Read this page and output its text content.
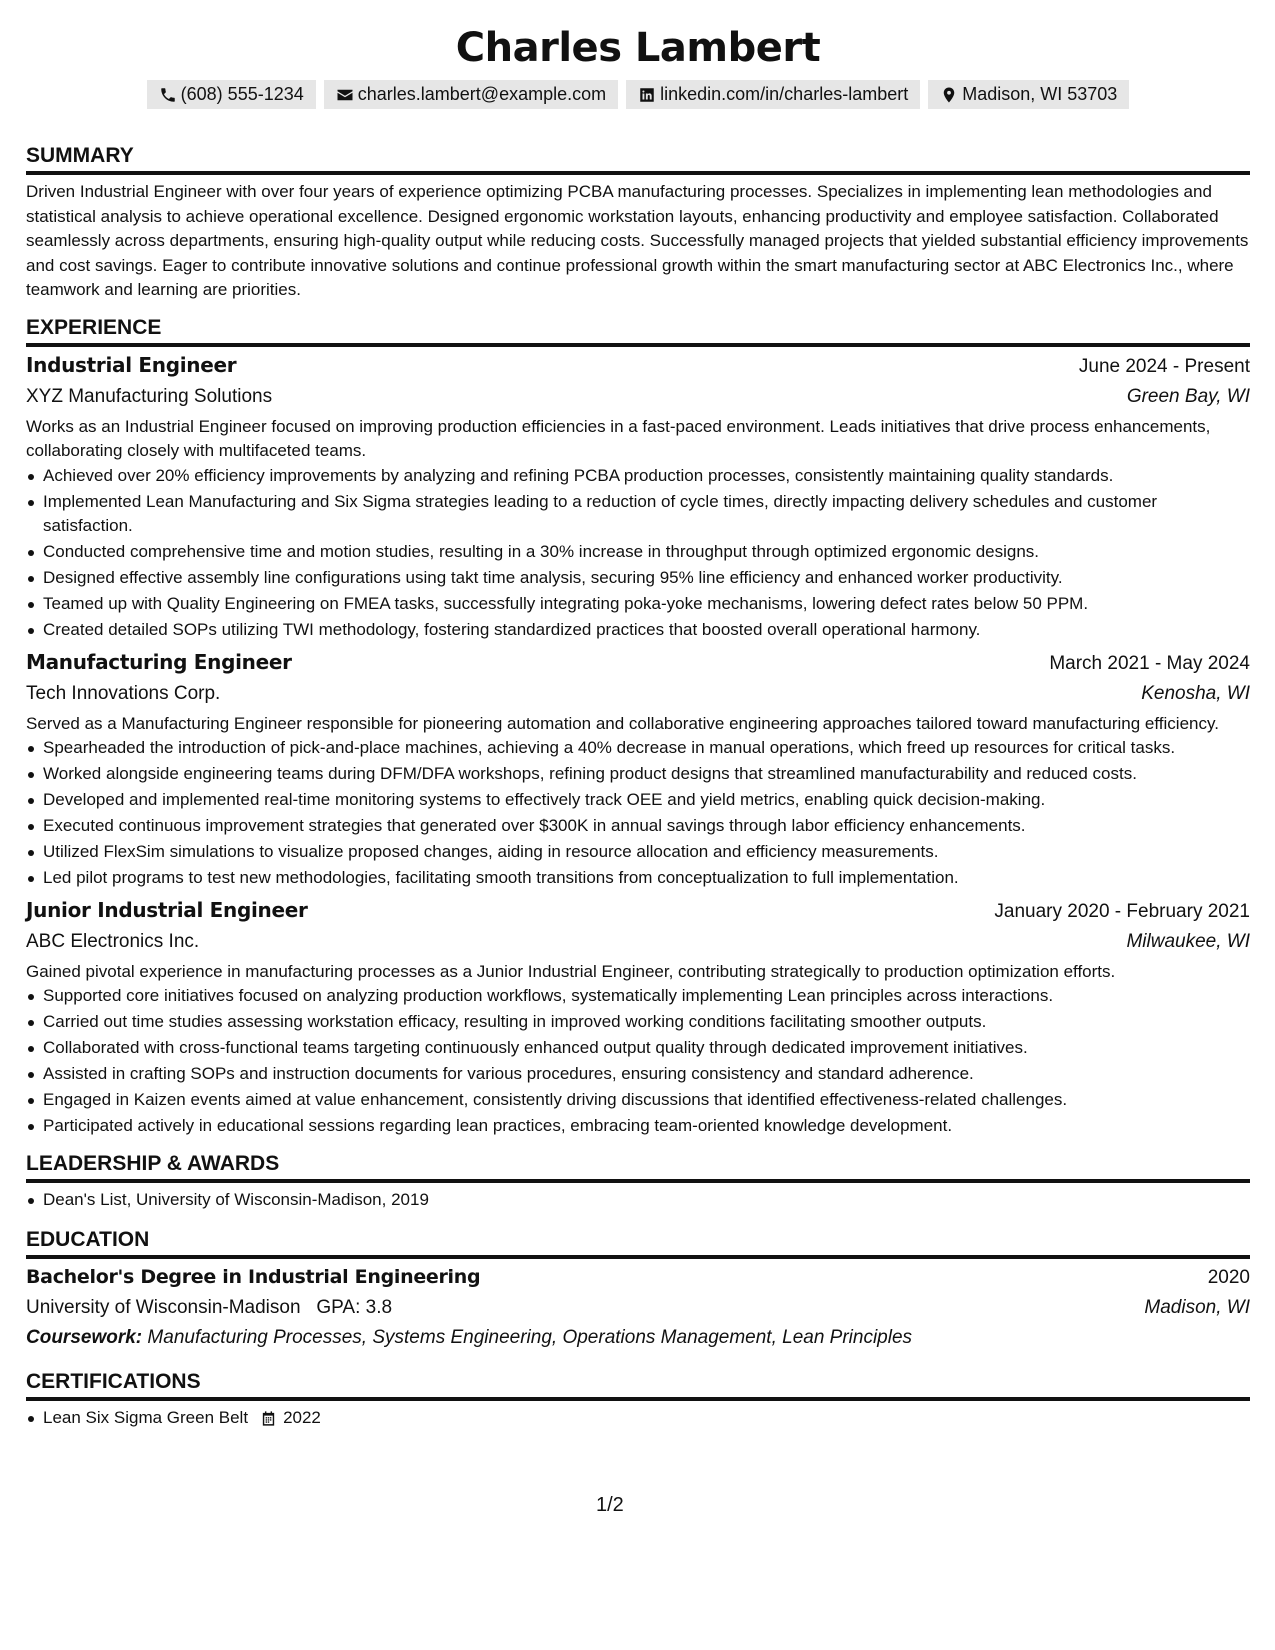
Charles Lambert
(608) 555-1234	charles.lambert@example.com	linkedin.com/in/charles-lambert	Madison, WI 53703
SUMMARY

Driven Industrial Engineer with over four years of experience optimizing PCBA manufacturing processes. Specializes in implementing lean methodologies and statistical analysis to achieve operational excellence. Designed ergonomic workstation layouts, enhancing productivity and employee satisfaction. Collaborated seamlessly across departments, ensuring high-quality output while reducing costs. Successfully managed projects that yielded substantial efficiency improvements and cost savings. Eager to contribute innovative solutions and continue professional growth within the smart manufacturing sector at ABC Electronics Inc., where teamwork and learning are priorities.

EXPERIENCE
Industrial Engineer	June 2024 - Present
XYZ Manufacturing Solutions	Green Bay, WI

Works as an Industrial Engineer focused on improving production efficiencies in a fast-paced environment. Leads initiatives that drive process enhancements, collaborating closely with multifaceted teams.

Achieved over 20% efficiency improvements by analyzing and refining PCBA production processes, consistently maintaining quality standards.
Implemented Lean Manufacturing and Six Sigma strategies leading to a reduction of cycle times, directly impacting delivery schedules and customer satisfaction.
Conducted comprehensive time and motion studies, resulting in a 30% increase in throughput through optimized ergonomic designs.
Designed effective assembly line configurations using takt time analysis, securing 95% line efficiency and enhanced worker productivity.
Teamed up with Quality Engineering on FMEA tasks, successfully integrating poka-yoke mechanisms, lowering defect rates below 50 PPM.
Created detailed SOPs utilizing TWI methodology, fostering standardized practices that boosted overall operational harmony.
Manufacturing Engineer	March 2021 - May 2024
Tech Innovations Corp.	Kenosha, WI

Served as a Manufacturing Engineer responsible for pioneering automation and collaborative engineering approaches tailored toward manufacturing efficiency.

Spearheaded the introduction of pick-and-place machines, achieving a 40% decrease in manual operations, which freed up resources for critical tasks.
Worked alongside engineering teams during DFM/DFA workshops, refining product designs that streamlined manufacturability and reduced costs.
Developed and implemented real-time monitoring systems to effectively track OEE and yield metrics, enabling quick decision-making.
Executed continuous improvement strategies that generated over $300K in annual savings through labor efficiency enhancements.
Utilized FlexSim simulations to visualize proposed changes, aiding in resource allocation and efficiency measurements.
Led pilot programs to test new methodologies, facilitating smooth transitions from conceptualization to full implementation.
Junior Industrial Engineer	January 2020 - February 2021
ABC Electronics Inc.	Milwaukee, WI

Gained pivotal experience in manufacturing processes as a Junior Industrial Engineer, contributing strategically to production optimization efforts.

Supported core initiatives focused on analyzing production workflows, systematically implementing Lean principles across interactions.
Carried out time studies assessing workstation efficacy, resulting in improved working conditions facilitating smoother outputs.
Collaborated with cross-functional teams targeting continuously enhanced output quality through dedicated improvement initiatives.
Assisted in crafting SOPs and instruction documents for various procedures, ensuring consistency and standard adherence.
Engaged in Kaizen events aimed at value enhancement, consistently driving discussions that identified effectiveness-related challenges.
Participated actively in educational sessions regarding lean practices, embracing team-oriented knowledge development.
LEADERSHIP & AWARDS
Dean's List, University of Wisconsin-Madison, 2019
EDUCATION
Bachelor's Degree in Industrial Engineering	2020
University of Wisconsin-Madison GPA: 3.8	Madison, WI
Coursework: Manufacturing Processes, Systems Engineering, Operations Management, Lean Principles
CERTIFICATIONS
Lean Six Sigma Green Belt 2022
1/2
